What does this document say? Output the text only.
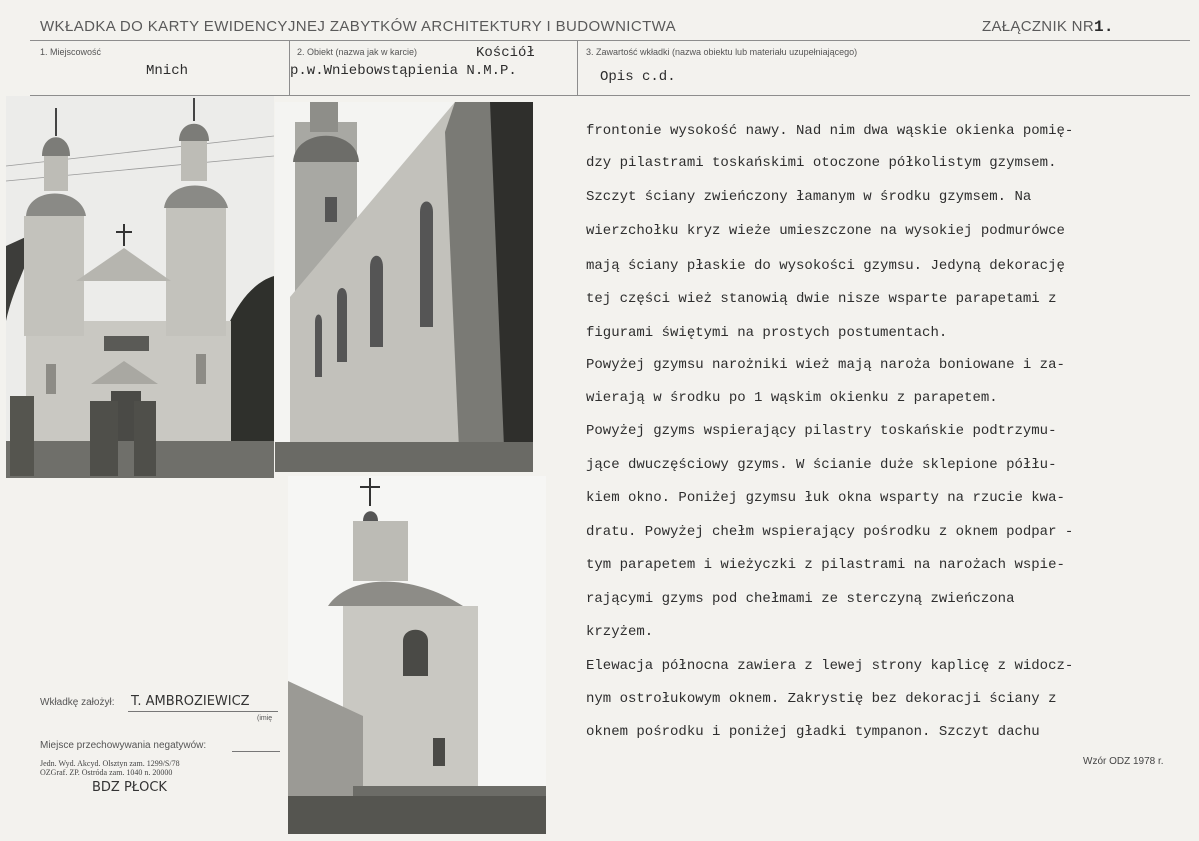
WKŁADKA DO KARTY EWIDENCYJNEJ ZABYTKÓW ARCHITEKTURY I BUDOWNICTWA	ZAŁĄCZNIK NR1.
1. Miejscowość
Mnich
2. Obiekt (nazwa jak w karcie)	Kościół
p.w.Wniebowstąpienia N.M.P.
3. Zawartość wkładki (nazwa obiektu lub materiału uzupełniającego)
Opis c.d.
frontonie wysokość nawy. Nad nim dwa wąskie okienka pomię-
dzy pilastrami toskańskimi otoczone półkolistym gzymsem.
Szczyt ściany zwieńczony łamanym w środku gzymsem. Na
wierzchołku kryz wieże umieszczone na wysokiej podmurówce
mają ściany płaskie do wysokości gzymsu. Jedyną dekorację
tej części wież stanowią dwie nisze wsparte parapetami z
figurami świętymi na prostych postumentach.
Powyżej gzymsu narożniki wież mają naroża boniowane i za-
wierają w środku po 1 wąskim okienku z parapetem.
Powyżej gzyms wspierający pilastry toskańskie podtrzymu-
jące dwuczęściowy gzyms. W ścianie duże sklepione półłu-
kiem okno. Poniżej gzymsu łuk okna wsparty na rzucie kwa-
dratu. Powyżej chełm wspierający pośrodku z oknem podpar -
tym parapetem i wieżyczki z pilastrami na narożach wspie-
rającymi gzyms pod chełmami ze sterczyną zwieńczona
krzyżem.
Elewacja północna zawiera z lewej strony kaplicę z widocz-
nym ostrołukowym oknem. Zakrystię bez dekoracji ściany z
oknem pośrodku i poniżej gładki tympanon. Szczyt dachu
Wkładkę założył: T. AMBROZIEWICZ
(imię
Miejsce przechowywania negatywów:
Jedn. Wyd. Akcyd. Olsztyn zam. 1299/S/78
OZGraf. ZP. Ostróda zam. 1040 n. 20000
BDZ PŁOCK
Wzór ODZ 1978 r.
